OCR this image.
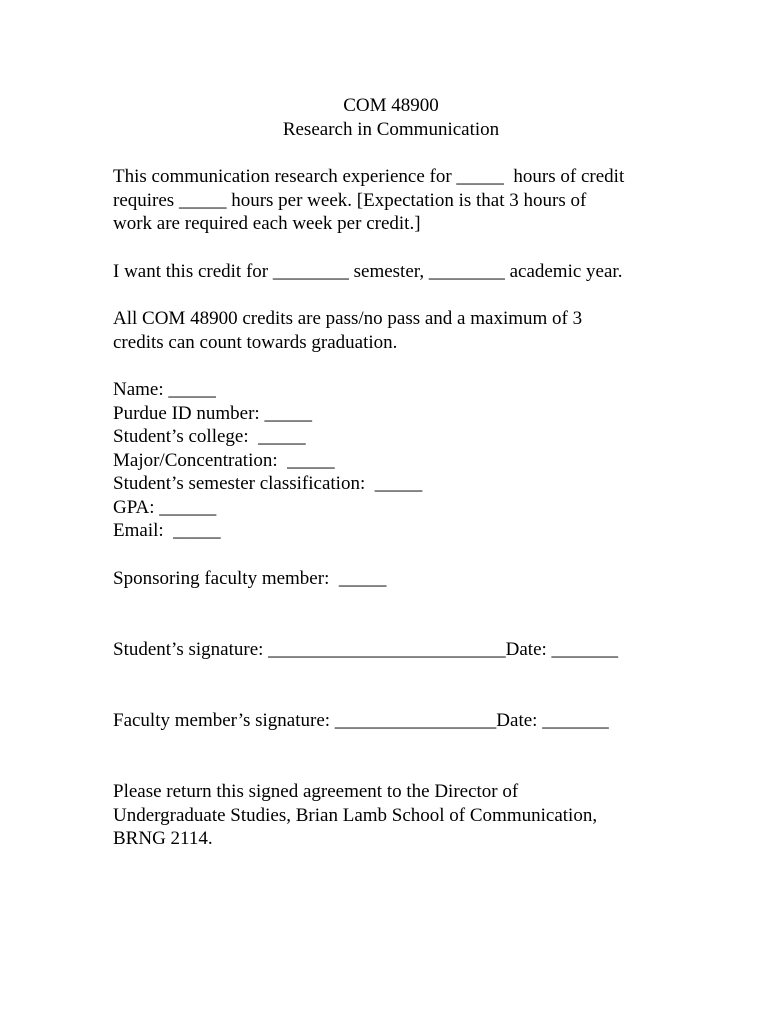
COM 48900
Research in Communication
This communication research experience for _____  hours of credit
requires _____ hours per week. [Expectation is that 3 hours of
work are required each week per credit.]
I want this credit for ________ semester, ________ academic year.
All COM 48900 credits are pass/no pass and a maximum of 3
credits can count towards graduation.
Name: _____
Purdue ID number: _____
Student’s college:  _____
Major/Concentration:  _____
Student’s semester classification:  _____
GPA: ______
Email:  _____
Sponsoring faculty member:  _____
Student’s signature: _________________________Date: _______
Faculty member’s signature: _________________Date: _______
Please return this signed agreement to the Director of
Undergraduate Studies, Brian Lamb School of Communication,
BRNG 2114.
